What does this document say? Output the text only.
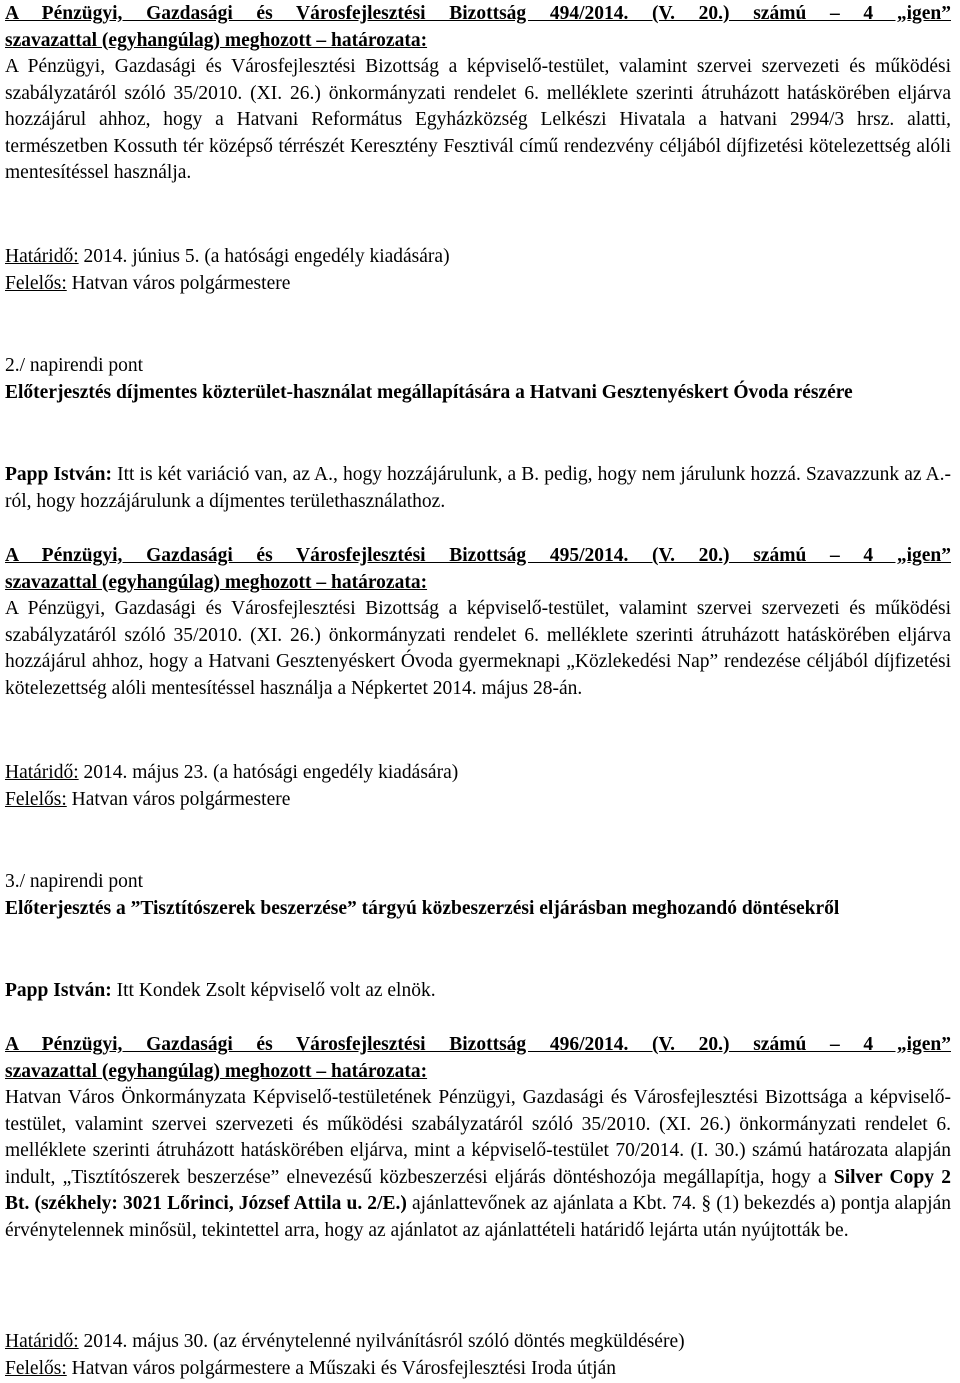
A Pénzügyi, Gazdasági és Városfejlesztési Bizottság 494/2014. (V. 20.) számú – 4 „igen”

szavazattal (egyhangúlag) meghozott – határozata:

A Pénzügyi, Gazdasági és Városfejlesztési Bizottság a képviselő-testület, valamint szervei szervezeti és működési szabályzatáról szóló 35/2010. (XI. 26.) önkormányzati rendelet 6. melléklete szerinti átruházott hatáskörében eljárva hozzájárul ahhoz, hogy a Hatvani Református Egyházközség Lelkészi Hivatala a hatvani 2994/3 hrsz. alatti, természetben Kossuth tér középső térrészét Keresztény Fesztivál című rendezvény céljából díjfizetési kötelezettség alóli mentesítéssel használja.

Határidő: 2014. június 5. (a hatósági engedély kiadására)

Felelős: Hatvan város polgármestere

2./ napirendi pont

Előterjesztés díjmentes közterület-használat megállapítására a Hatvani Gesztenyéskert Óvoda részére

Papp István: Itt is két variáció van, az A., hogy hozzájárulunk, a B. pedig, hogy nem járulunk hozzá. Szavazzunk az A.-ról, hogy hozzájárulunk a díjmentes területhasználathoz.

A Pénzügyi, Gazdasági és Városfejlesztési Bizottság 495/2014. (V. 20.) számú – 4 „igen”

szavazattal (egyhangúlag) meghozott – határozata:

A Pénzügyi, Gazdasági és Városfejlesztési Bizottság a képviselő-testület, valamint szervei szervezeti és működési szabályzatáról szóló 35/2010. (XI. 26.) önkormányzati rendelet 6. melléklete szerinti átruházott hatáskörében eljárva hozzájárul ahhoz, hogy a Hatvani Gesztenyéskert Óvoda gyermeknapi „Közlekedési Nap” rendezése céljából díjfizetési kötelezettség alóli mentesítéssel használja a Népkertet 2014. május 28-án.

Határidő: 2014. május 23. (a hatósági engedély kiadására)

Felelős: Hatvan város polgármestere

3./ napirendi pont

Előterjesztés a ”Tisztítószerek beszerzése” tárgyú közbeszerzési eljárásban meghozandó döntésekről

Papp István: Itt Kondek Zsolt képviselő volt az elnök.

A Pénzügyi, Gazdasági és Városfejlesztési Bizottság 496/2014. (V. 20.) számú – 4 „igen”

szavazattal (egyhangúlag) meghozott – határozata:

Hatvan Város Önkormányzata Képviselő-testületének Pénzügyi, Gazdasági és Városfejlesztési Bizottsága a képviselő-testület, valamint szervei szervezeti és működési szabályzatáról szóló 35/2010. (XI. 26.) önkormányzati rendelet 6. melléklete szerinti átruházott hatáskörében eljárva, mint a képviselő-testület 70/2014. (I. 30.) számú határozata alapján indult, „Tisztítószerek beszerzése” elnevezésű közbeszerzési eljárás döntéshozója megállapítja, hogy a Silver Copy 2 Bt. (székhely: 3021 Lőrinci, József Attila u. 2/E.) ajánlattevőnek az ajánlata a Kbt. 74. § (1) bekezdés a) pontja alapján érvénytelennek minősül, tekintettel arra, hogy az ajánlatot az ajánlattételi határidő lejárta után nyújtották be.

Határidő: 2014. május 30. (az érvénytelenné nyilvánításról szóló döntés megküldésére)

Felelős: Hatvan város polgármestere a Műszaki és Városfejlesztési Iroda útján
